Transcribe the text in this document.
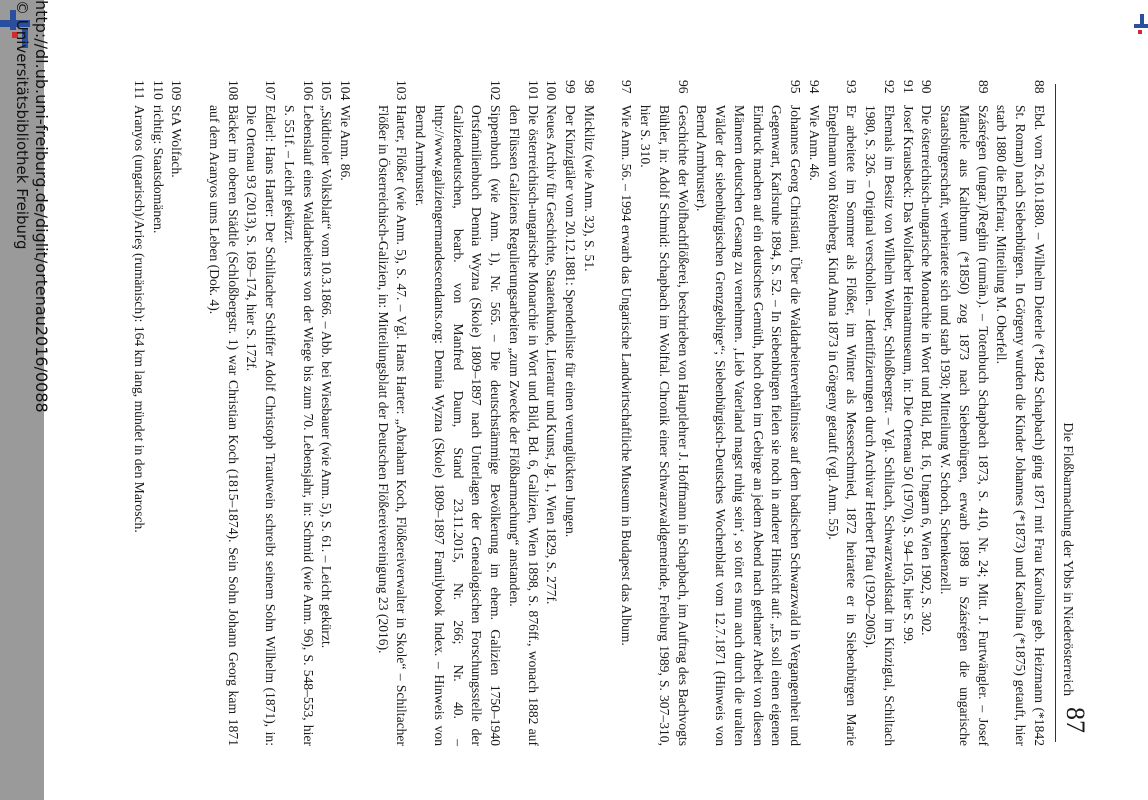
87
Die Floßbarmachung der Ybbs in Niederösterreich
88
Ebd. vom 26.10.1880. – Wilhelm Dieterle (*1842 Schapbach) ging 1871 mit Frau Karolina geb. Heizmann (*1842 St. Roman) nach Siebenbürgen. In Görgeny wurden die Kinder Johannes (*1873) und Karolina (*1875) getauft, hier starb 1880 die Ehefrau; Mitteilung M. Oberfell.
89
Szásrégen (ungar.)/Reghin (rumän.). – Totenbuch Schapbach 1873, S. 410, Nr. 24; Mitt. J. Furtwängler. – Josef Mäntele aus Kaltbrunn (*1850) zog 1873 nach Siebenbürgen, erwarb 1898 in Szásrégen die ungarische Staatsbürgerschaft, verheiratete sich und starb 1930; Mitteilung W. Schoch, Schenkenzell.
90
Die österreichisch-ungarische Monarchie in Wort und Bild, Bd. 16, Ungarn 6, Wien 1902, S. 302.
91
Josef Krausbeck: Das Wolfacher Heimatmuseum, in: Die Ortenau 50 (1970), S. 94–105, hier S. 99.
92
Ehemals im Besitz von Wilhelm Wolber, Schloßbergstr. – Vgl. Schiltach, Schwarzwaldstadt im Kinzigtal, Schiltach 1980, S. 326. – Original verschollen. – Identifizierungen durch Archivar Herbert Pfau (1920–2005).
93
Er arbeitete im Sommer als Flößer, im Winter als Messerschmied, 1872 heiratete er in Siebenbürgen Marie Engelmann von Rötenberg, Kind Anna 1873 in Görgeny getauft (vgl. Anm. 55).
94
Wie Anm. 46.
95
Johannes Georg Christiani, Über die Waldarbeiterverhältnisse auf dem badischen Schwarzwald in Vergangenheit und Gegenwart, Karlsruhe 1894, S. 52. – In Siebenbürgen fielen sie noch in anderer Hinsicht auf: „Es soll einen eigenen Eindruck machen auf ein deutsches Gemüth, hoch oben im Gebirge an jedem Abend nach gethaner Arbeit von diesen Männern deutschen Gesang zu vernehmen. ‚Lieb Vaterland magst ruhig sein‘, so tönt es nun auch durch die uralten Wälder der siebenbürgischen Grenzgebirge“; Siebenbürgisch-Deutsches Wochenblatt vom 12.7.1871 (Hinweis von Bernd Armbruster).
96
Geschichte der Wolfbachflößerei, beschrieben von Hauptlehrer J. Hoffmann in Schapbach, im Auftrag des Bachvogts Bühler, in: Adolf Schmid: Schapbach im Wolftal. Chronik einer Schwarzwaldgemeinde, Freiburg 1989, S. 307–310, hier S. 310.
97
Wie Anm. 56. – 1994 erwarb das Ungarische Landwirtschaftliche Museum in Budapest das Album.
98
Micklitz (wie Anm. 32), S. 51.
99
Der Kinzigtäler vom 20.12.1881: Spendenliste für einen verunglückten Jungen.
100
Neues Archiv für Geschichte, Staatenkunde, Literatur und Kunst, Jg. 1, Wien 1829, S. 277f.
101
Die österreichisch-ungarische Monarchie in Wort und Bild, Bd. 6, Galizien, Wien 1898, S. 876ff., wonach 1882 auf den Flüssen Galiziens Regulierungsarbeiten „zum Zwecke der Flößbarmachung“ anstanden.
102
Sippenbuch (wie Anm. 1), Nr. 565. – Die deutschstämmige Bevölkerung im ehem. Galizien 1750–1940 Ortsfamilienbuch Dennia Wyzna (Skole) 1809–1897 nach Unterlagen der Genealogischen Forschungsstelle der Galiziendeutschen, bearb. von Manfred Daum, Stand 23.11.2015, Nr. 266; Nr. 40. – http://www.galiziengermandescendants.org: Dennia Wyzna (Skole) 1809–1897 Familybook Index. – Hinweis von Bernd Armbruster.
103
Harter, Flößer (wie Anm. 5), S. 47. – Vgl. Hans Harter: „Abraham Koch, Flößereiverwalter in Skole“ – Schiltacher Flößer in Österreichisch-Galizien, in: Mitteilungsblatt der Deutschen Flößereivereinigung 23 (2016).
104
Wie Anm. 86.
105
„Südtiroler Volksblatt“ vom 10.3.1866. – Abb. bei Wiesbauer (wie Anm. 5), S. 61. – Leicht gekürzt.
106
Lebenslauf eines Waldarbeiters von der Wiege bis zum 70. Lebensjahr, in: Schmid (wie Anm. 96), S. 548–553, hier S. 551f. – Leicht gekürzt.
107
Edierl: Hans Harter: Der Schiltacher Schiffer Adolf Christoph Trautwein schreibt seinem Sohn Wilhelm (1871), in: Die Ortenau 93 (2013), S. 169–174, hier S. 172f.
108
Bäcker im oberen Städtle (Schloßbergstr. 1) war Christian Koch (1815–1874). Sein Sohn Johann Georg kam 1871 auf dem Aranyos ums Leben (Dok. 4).
109
StA Wolfach.
110
richtig: Staatsdomänen.
111
Aranyos (ungarisch)/Arieş (rumänisch): 164 km lang, mündet in den Marosch.
http://dl.ub.uni-freiburg.de/diglit/ortenau2016/0088
© Universitätsbibliothek Freiburg
